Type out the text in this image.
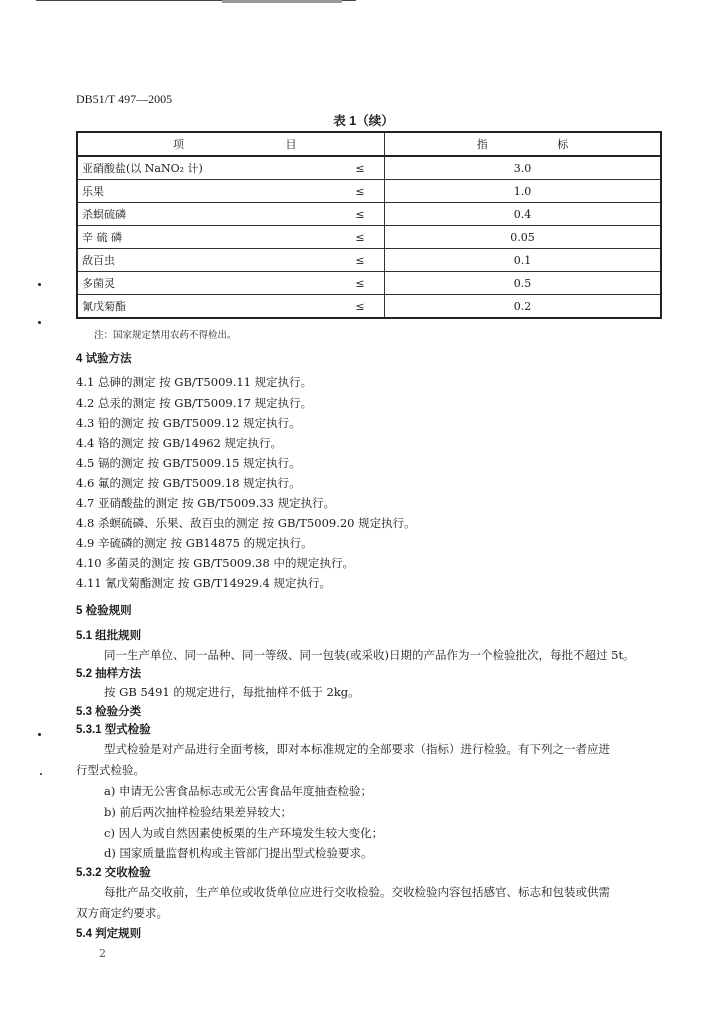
DB51/T 497—2005
表 1（续）
项 目		指 标
亚硝酸盐(以 NaNO₂ 计)	≤	3.0
乐果	≤	1.0
杀螟硫磷	≤	0.4
辛 硫 磷	≤	0.05
敌百虫	≤	0.1
多菌灵	≤	0.5
氰戊菊酯	≤	0.2
注：国家规定禁用农药不得检出。
4 试验方法
4.1 总砷的测定 按 GB/T5009.11 规定执行。
4.2 总汞的测定 按 GB/T5009.17 规定执行。
4.3 铅的测定 按 GB/T5009.12 规定执行。
4.4 铬的测定 按 GB/14962 规定执行。
4.5 镉的测定 按 GB/T5009.15 规定执行。
4.6 氟的测定 按 GB/T5009.18 规定执行。
4.7 亚硝酸盐的测定 按 GB/T5009.33 规定执行。
4.8 杀螟硫磷、乐果、敌百虫的测定 按 GB/T5009.20 规定执行。
4.9 辛硫磷的测定 按 GB14875 的规定执行。
4.10 多菌灵的测定 按 GB/T5009.38 中的规定执行。
4.11 氰戊菊酯测定 按 GB/T14929.4 规定执行。
5 检验规则
5.1 组批规则
同一生产单位、同一品种、同一等级、同一包装(或采收)日期的产品作为一个检验批次，每批不超过 5t。
5.2 抽样方法
按 GB 5491 的规定进行，每批抽样不低于 2kg。
5.3 检验分类
5.3.1 型式检验
型式检验是对产品进行全面考核，即对本标准规定的全部要求（指标）进行检验。有下列之一者应进
行型式检验。
a) 申请无公害食品标志或无公害食品年度抽查检验；
b) 前后两次抽样检验结果差异较大；
c) 因人为或自然因素使板栗的生产环境发生较大变化；
d) 国家质量监督机构或主管部门提出型式检验要求。
5.3.2 交收检验
每批产品交收前，生产单位或收货单位应进行交收检验。交收检验内容包括感官、标志和包装或供需
双方商定约要求。
5.4 判定规则
2
